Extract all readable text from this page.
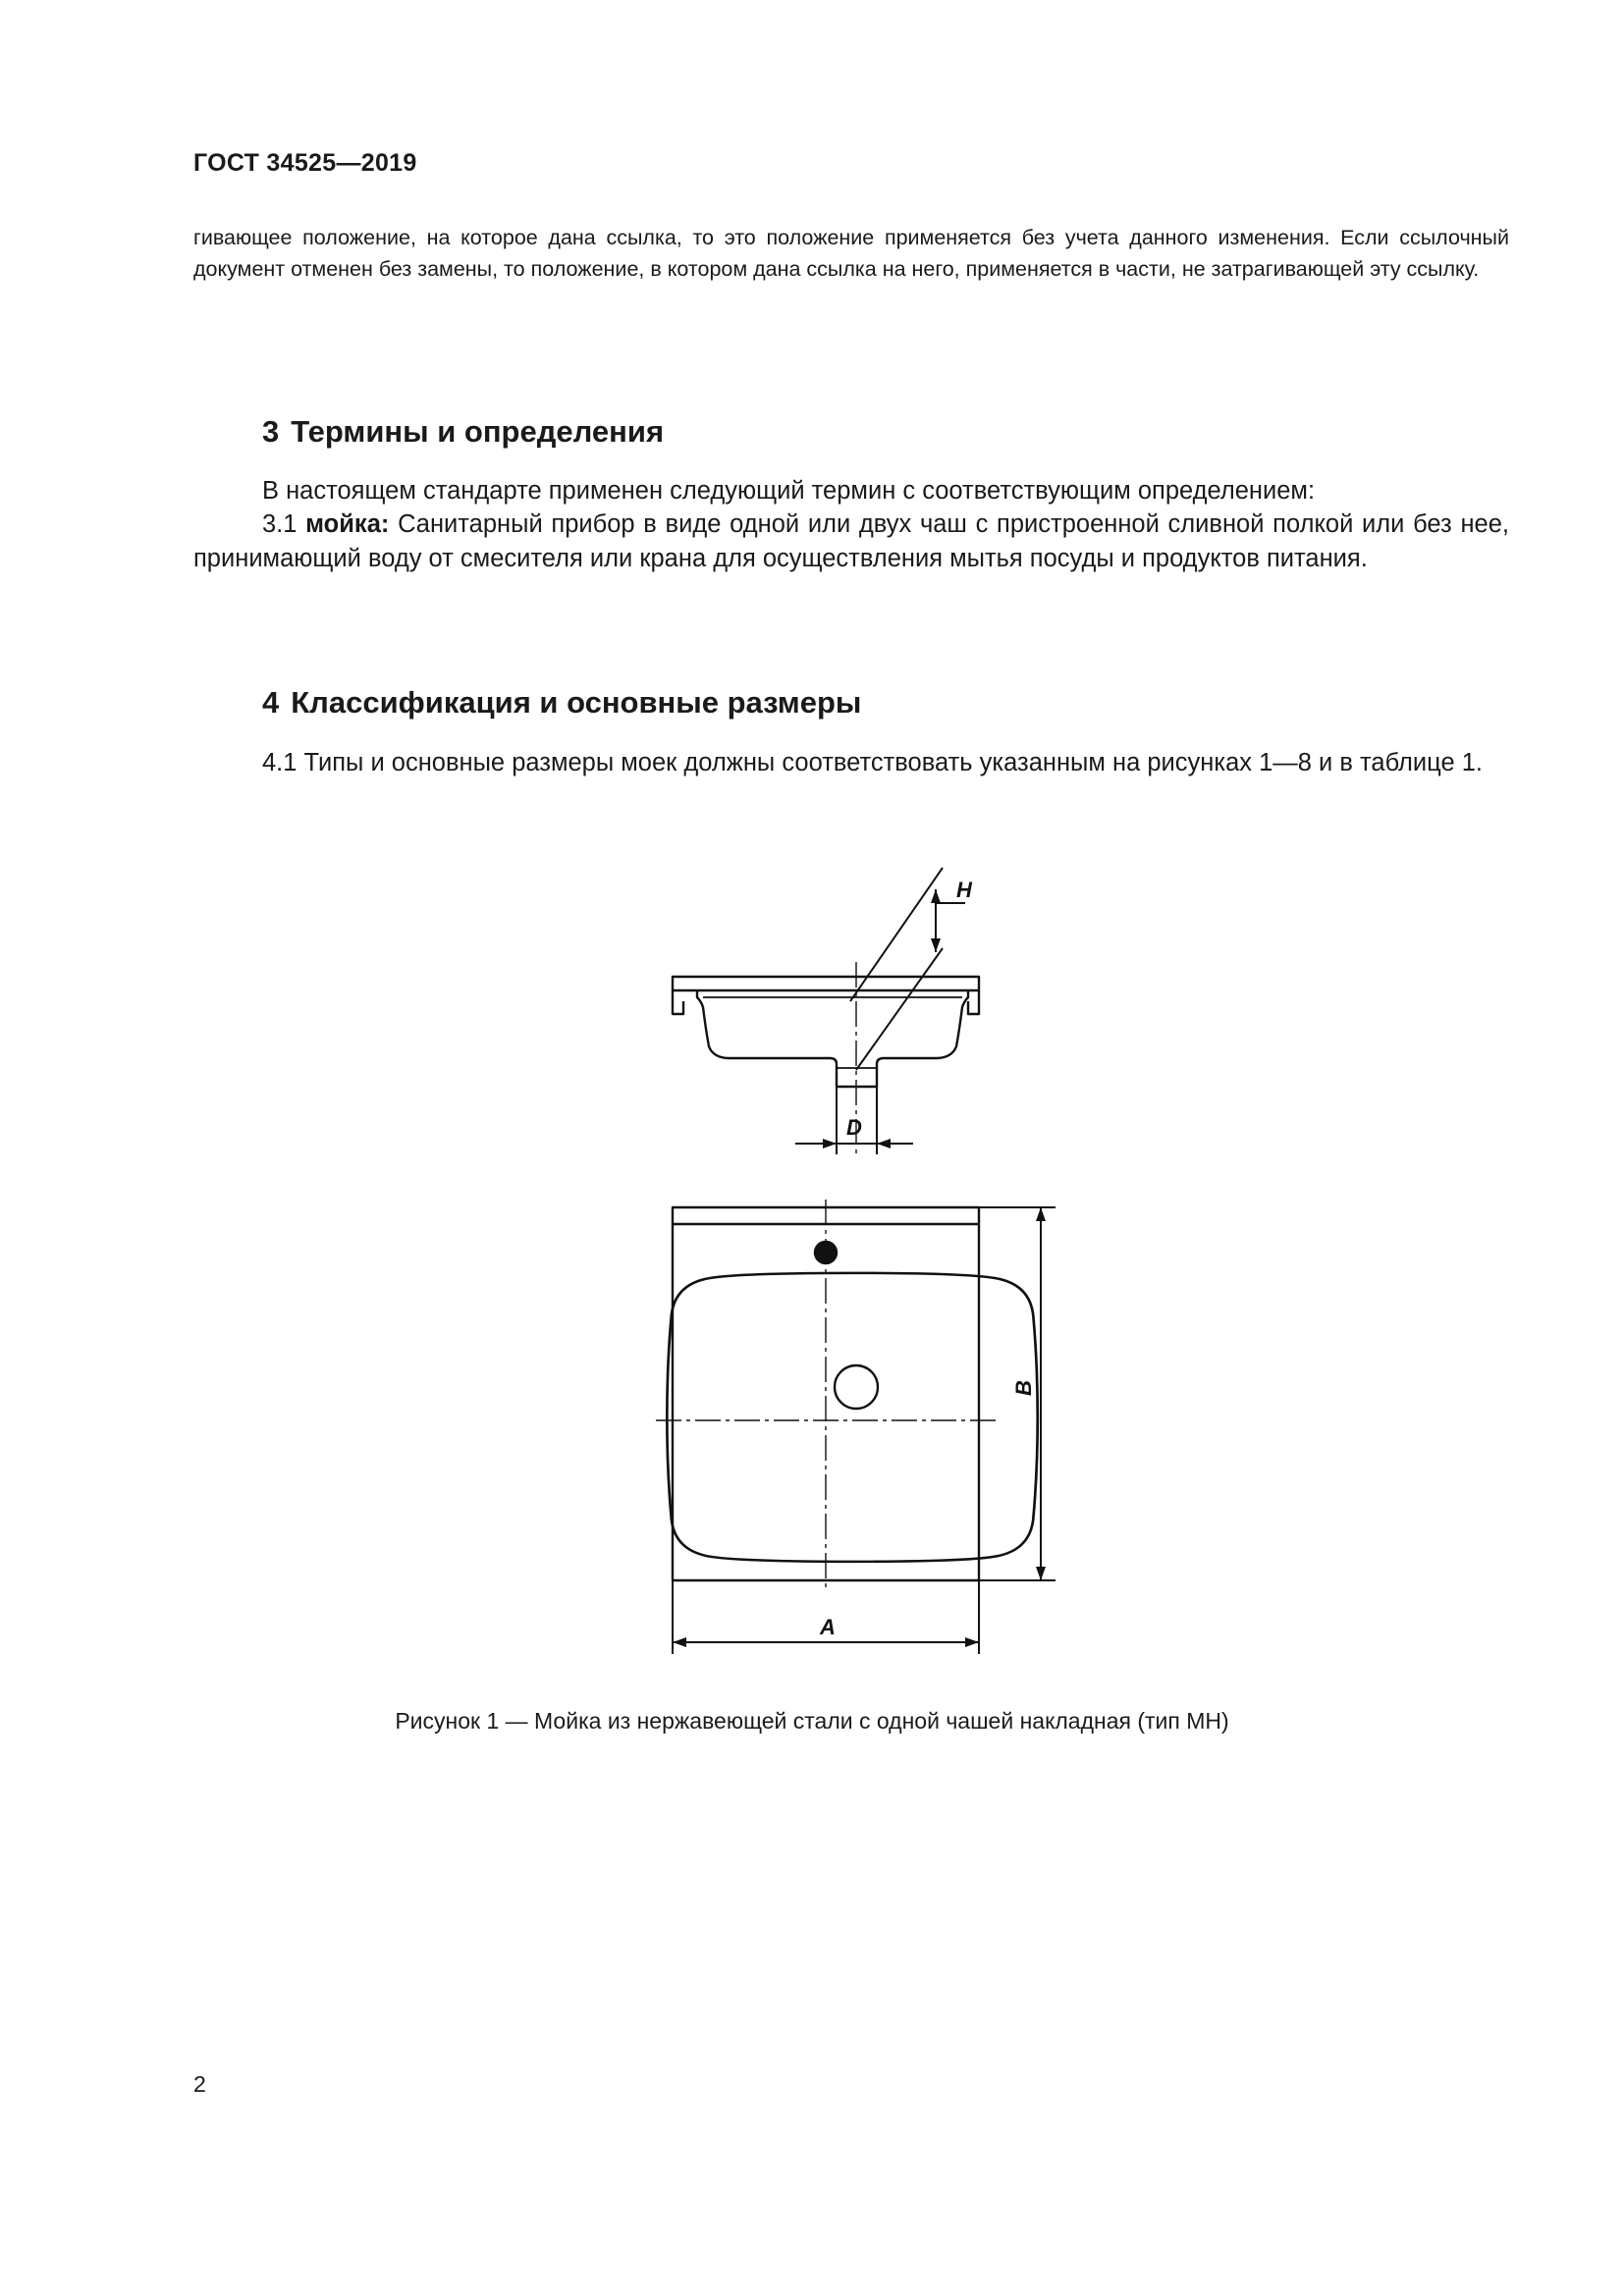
ГОСТ 34525—2019
гивающее положение, на которое дана ссылка, то это положение применяется без учета данного изменения. Если ссылочный документ отменен без замены, то положение, в котором дана ссылка на него, применяется в части, не затрагивающей эту ссылку.
3 Термины и определения
В настоящем стандарте применен следующий термин с соответствующим определением:
3.1 мойка: Санитарный прибор в виде одной или двух чаш с пристроенной сливной полкой или без нее, принимающий воду от смесителя или крана для осуществления мытья посуды и продуктов питания.
4 Классификация и основные размеры
4.1 Типы и основные размеры моек должны соответствовать указанным на рисунках 1—8 и в таблице 1.
H
D
A
B
Рисунок 1 — Мойка из нержавеющей стали с одной чашей накладная (тип МН)
2
